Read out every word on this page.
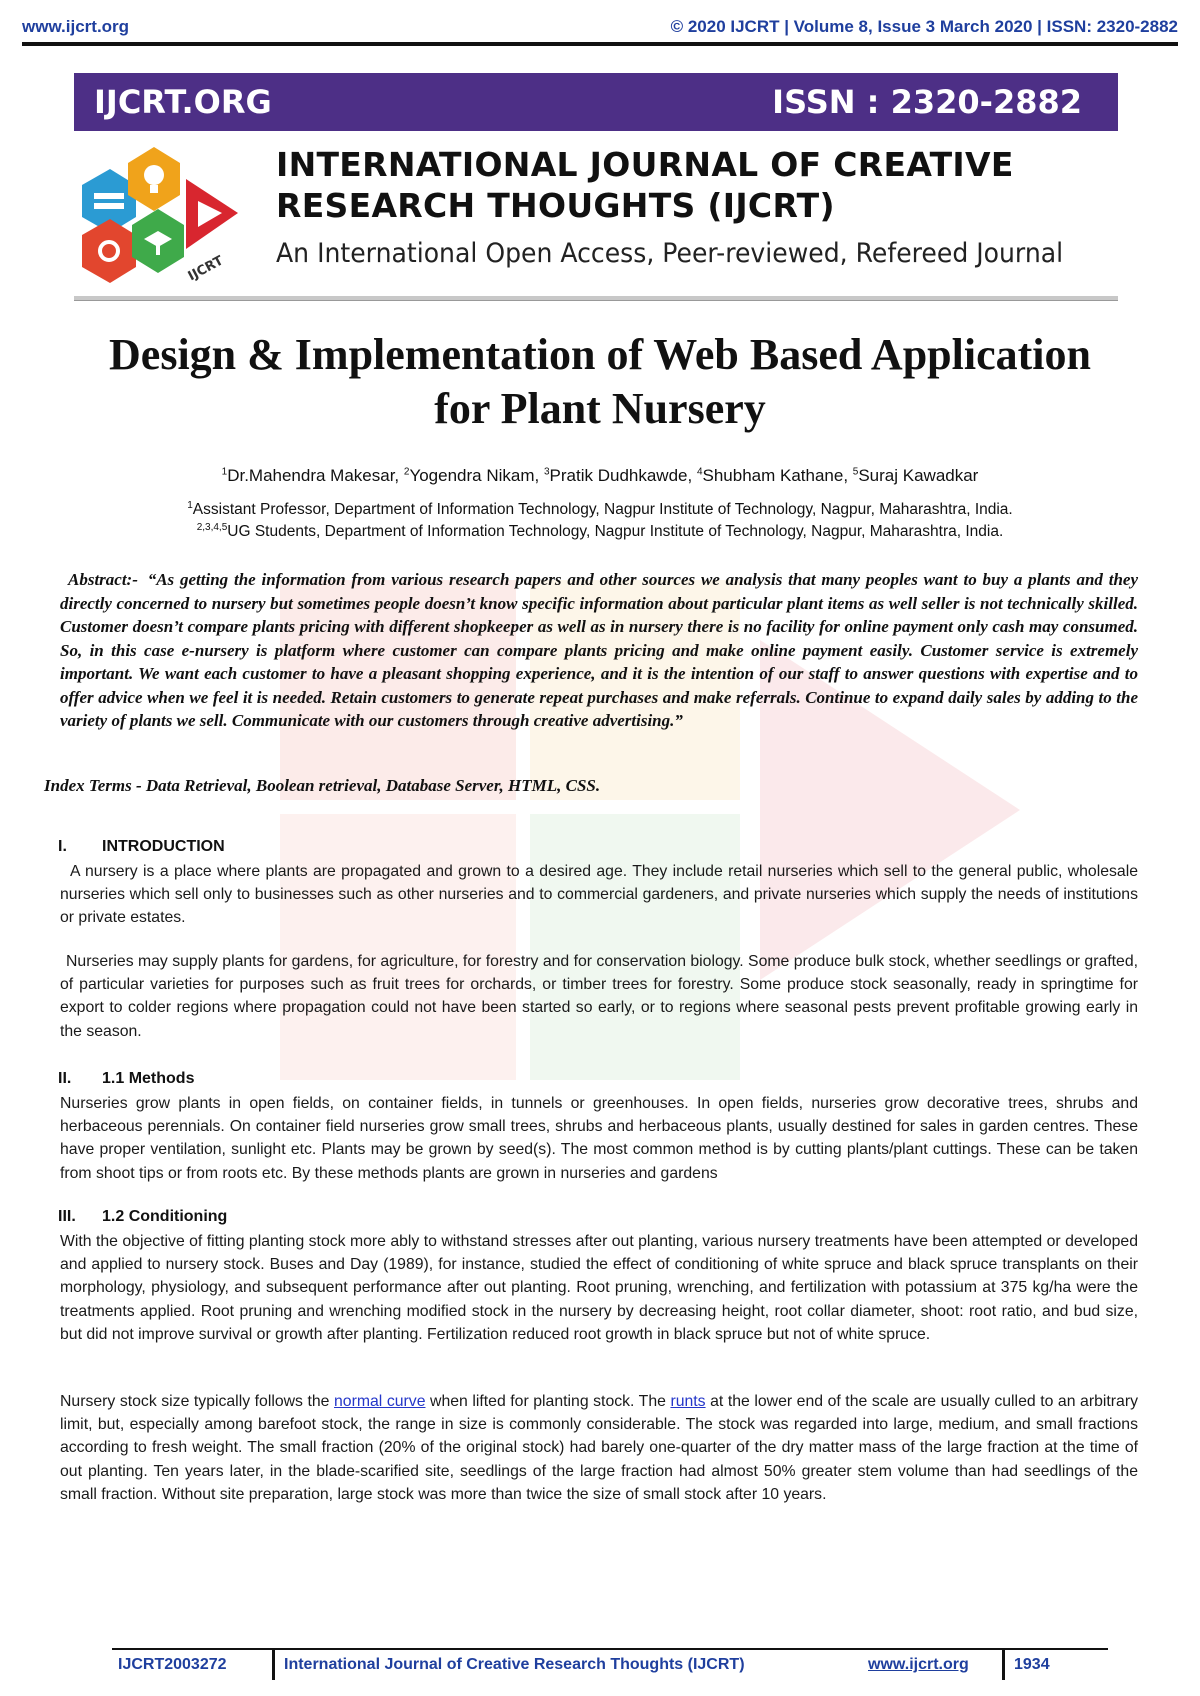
www.ijcrt.org	© 2020 IJCRT | Volume 8, Issue 3 March 2020 | ISSN: 2320-2882
IJCRT.ORG	ISSN : 2320-2882
IJCRT
INTERNATIONAL JOURNAL OF CREATIVE
RESEARCH THOUGHTS (IJCRT)
An International Open Access, Peer-reviewed, Refereed Journal
Design & Implementation of Web Based Application
for Plant Nursery
$^1$Dr.Mahendra Makesar, $^2$Yogendra Nikam, $^3$Pratik Dudhkawde, $^4$Shubham Kathane, $^5$Suraj Kawadkar
$^1$Assistant Professor, Department of Information Technology, Nagpur Institute of Technology, Nagpur, Maharashtra, India.
$^{2,3,4,5}$UG Students, Department of Information Technology, Nagpur Institute of Technology, Nagpur, Maharashtra, India.
Abstract:- “As getting the information from various research papers and other sources we analysis that many peoples want to buy a plants and they directly concerned to nursery but sometimes people doesn’t know specific information about particular plant items as well seller is not technically skilled. Customer doesn’t compare plants pricing with different shopkeeper as well as in nursery there is no facility for online payment only cash may consumed. So, in this case e-nursery is platform where customer can compare plants pricing and make online payment easily. Customer service is extremely important. We want each customer to have a pleasant shopping experience, and it is the intention of our staff to answer questions with expertise and to offer advice when we feel it is needed. Retain customers to generate repeat purchases and make referrals. Continue to expand daily sales by adding to the variety of plants we sell. Communicate with our customers through creative advertising.”
Index Terms - Data Retrieval, Boolean retrieval, Database Server, HTML, CSS.
I. INTRODUCTION
A nursery is a place where plants are propagated and grown to a desired age. They include retail nurseries which sell to the general public, wholesale nurseries which sell only to businesses such as other nurseries and to commercial gardeners, and private nurseries which supply the needs of institutions or private estates.
Nurseries may supply plants for gardens, for agriculture, for forestry and for conservation biology. Some produce bulk stock, whether seedlings or grafted, of particular varieties for purposes such as fruit trees for orchards, or timber trees for forestry. Some produce stock seasonally, ready in springtime for export to colder regions where propagation could not have been started so early, or to regions where seasonal pests prevent profitable growing early in the season.
II. 1.1 Methods
Nurseries grow plants in open fields, on container fields, in tunnels or greenhouses. In open fields, nurseries grow decorative trees, shrubs and herbaceous perennials. On container field nurseries grow small trees, shrubs and herbaceous plants, usually destined for sales in garden centres. These have proper ventilation, sunlight etc. Plants may be grown by seed(s). The most common method is by cutting plants/plant cuttings. These can be taken from shoot tips or from roots etc. By these methods plants are grown in nurseries and gardens
III. 1.2 Conditioning
With the objective of fitting planting stock more ably to withstand stresses after out planting, various nursery treatments have been attempted or developed and applied to nursery stock. Buses and Day (1989), for instance, studied the effect of conditioning of white spruce and black spruce transplants on their morphology, physiology, and subsequent performance after out planting. Root pruning, wrenching, and fertilization with potassium at 375 kg/ha were the treatments applied. Root pruning and wrenching modified stock in the nursery by decreasing height, root collar diameter, shoot: root ratio, and bud size, but did not improve survival or growth after planting. Fertilization reduced root growth in black spruce but not of white spruce.
Nursery stock size typically follows the normal curve when lifted for planting stock. The runts at the lower end of the scale are usually culled to an arbitrary limit, but, especially among barefoot stock, the range in size is commonly considerable. The stock was regarded into large, medium, and small fractions according to fresh weight. The small fraction (20% of the original stock) had barely one-quarter of the dry matter mass of the large fraction at the time of out planting. Ten years later, in the blade-scarified site, seedlings of the large fraction had almost 50% greater stem volume than had seedlings of the small fraction. Without site preparation, large stock was more than twice the size of small stock after 10 years.
IJCRT2003272	International Journal of Creative Research Thoughts (IJCRT)	www.ijcrt.org	1934
